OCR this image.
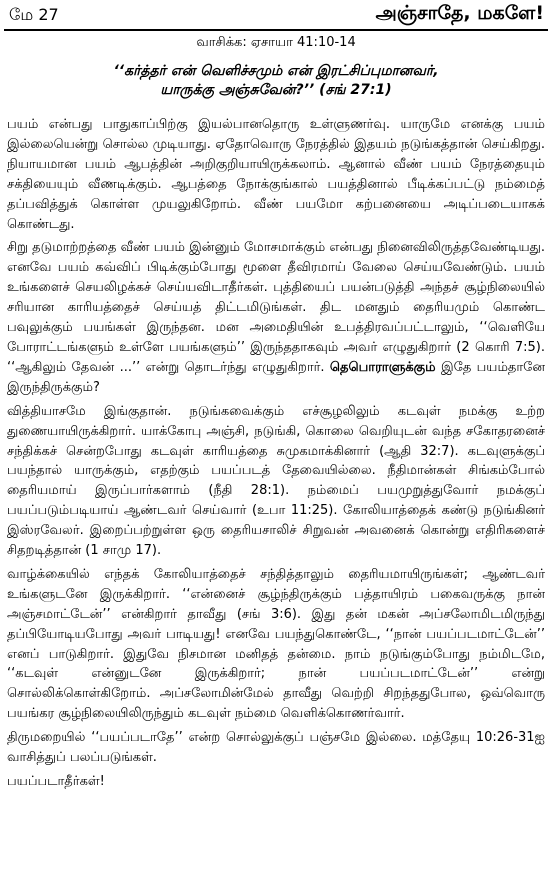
மே 27	அஞ்சாதே, மகளே!
வாசிக்க: ஏசாயா 41:10-14
‘‘கர்த்தர் என் வெளிச்சமும் என் இரட்சிப்புமானவர்,
யாருக்கு அஞ்சுவேன்?’’ (சங் 27:1)

பயம் என்பது பாதுகாப்பிற்கு இயல்பானதொரு உள்ளுணர்வு. யாருமே எனக்கு பயம் இல்லையென்று சொல்ல முடியாது. ஏதோவொரு நேரத்தில் இதயம் நடுங்கத்தான் செய்கிறது. நியாயமான பயம் ஆபத்தின் அறிகுறியாயிருக்கலாம். ஆனால் வீண் பயம் நேரத்தையும் சக்தியையும் வீணடிக்கும். ஆபத்தை நோக்குங்கால் பயத்தினால் பீடிக்கப்பட்டு நம்மைத் தப்பவித்துக் கொள்ள முயலுகிறோம். வீண் பயமோ கற்பனையை அடிப்படையாகக் கொண்டது.

சிறு தடுமாற்றத்தை வீண் பயம் இன்னும் மோசமாக்கும் என்பது நினைவிலிருத்தவேண்டியது. எனவே பயம் கவ்விப் பிடிக்கும்போது மூளை தீவிரமாய் வேலை செய்யவேண்டும். பயம் உங்களைச் செயலிழக்கச் செய்யவிடாதீர்கள். புத்தியைப் பயன்படுத்தி அந்தச் சூழ்நிலையில் சரியான காரியத்தைச் செய்யத் திட்டமிடுங்கள். திட மனதும் தைரியமும் கொண்ட பவுலுக்கும் பயங்கள் இருந்தன. மன அமைதியின் உபத்திரவப்பட்டாலும், ‘‘வெளியே போராட்டங்களும் உள்ளே பயங்களும்’’ இருந்ததாகவும் அவர் எழுதுகிறார் (2 கொரி 7:5). ‘‘ஆகிலும் தேவன் ...’’ என்று தொடர்ந்து எழுதுகிறார். தெபொராளுக்கும் இதே பயம்தானே இருந்திருக்கும்?

வித்தியாசமே இங்குதான். நடுங்கவைக்கும் எச்சூழலிலும் கடவுள் நமக்கு உற்ற துணையாயிருக்கிறார். யாக்கோபு அஞ்சி, நடுங்கி, கொலை வெறியுடன் வந்த சகோதரனைச் சந்திக்கச் சென்றபோது கடவுள் காரியத்தை சுமுகமாக்கினார் (ஆதி 32:7). கடவுளுக்குப் பயந்தால் யாருக்கும், எதற்கும் பயப்படத் தேவையில்லை. நீதிமான்கள் சிங்கம்போல் தைரியமாய் இருப்பார்களாம் (நீதி 28:1). நம்மைப் பயமுறுத்துவோர் நமக்குப் பயப்படும்படியாய் ஆண்டவர் செய்வார் (உபா 11:25). கோலியாத்தைக் கண்டு நடுங்கினர் இஸ்ரவேலர். இறைப்பற்றுள்ள ஒரு தைரியசாலிச் சிறுவன் அவனைக் கொன்று எதிரிகளைச் சிதறடித்தான் (1 சாமு 17).

வாழ்க்கையில் எந்தக் கோலியாத்தைச் சந்தித்தாலும் தைரியமாயிருங்கள்; ஆண்டவர் உங்களுடனே இருக்கிறார். ‘‘என்னைச் சூழ்ந்திருக்கும் பத்தாயிரம் பகைவருக்கு நான் அஞ்சமாட்டேன்’’ என்கிறார் தாவீது (சங் 3:6). இது தன் மகன் அப்சலோமிடமிருந்து தப்பியோடியபோது அவர் பாடியது! எனவே பயந்துகொண்டே, ‘‘நான் பயப்படமாட்டேன்’’ எனப் பாடுகிறார். இதுவே நிசமான மனிதத் தன்மை. நாம் நடுங்கும்போது நம்மிடமே, ‘‘கடவுள் என்னுடனே இருக்கிறார்; நான் பயப்படமாட்டேன்’’ என்று சொல்லிக்கொள்கிறோம். அப்சலோமின்மேல் தாவீது வெற்றி சிறந்ததுபோல, ஒவ்வொரு பயங்கர சூழ்நிலையிலிருந்தும் கடவுள் நம்மை வெளிக்கொணர்வார்.

திருமறையில் ‘‘பயப்படாதே’’ என்ற சொல்லுக்குப் பஞ்சமே இல்லை. மத்தேயு 10:26-31ஐ வாசித்துப் பலப்படுங்கள்.

பயப்படாதீர்கள்!
